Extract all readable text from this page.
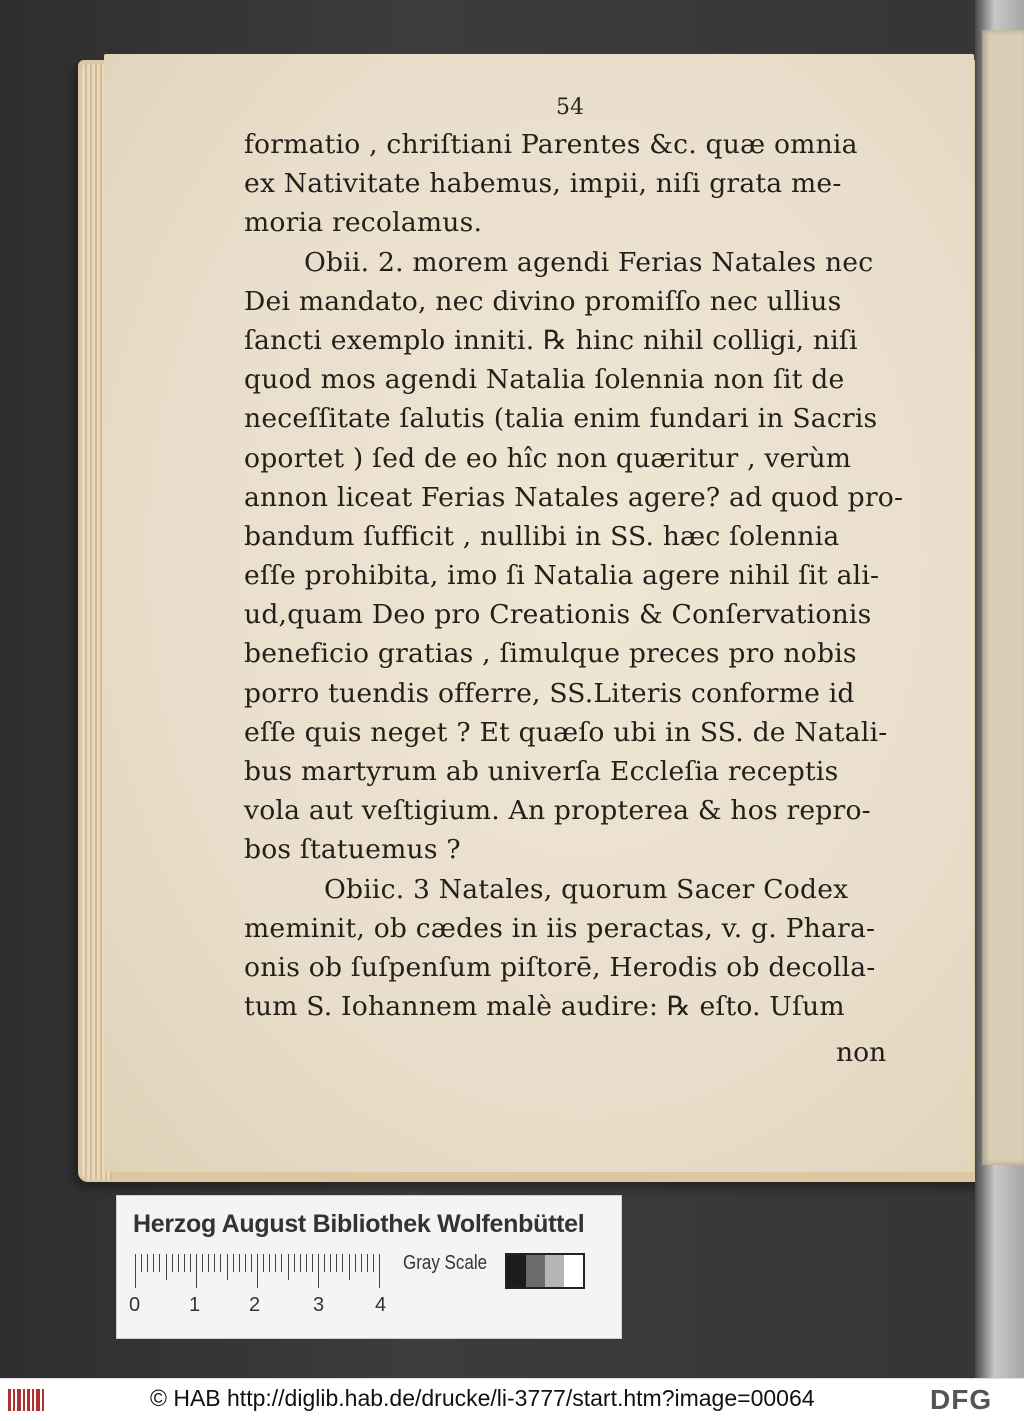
54
formatio , chriſtiani Parentes &c. quæ omnia
ex Nativitate habemus, impii, niſi grata me-
moria recolamus.
Obii. 2. morem agendi Ferias Natales nec
Dei mandato, nec divino promiſſo nec ullius
ſancti exemplo inniti. ℞ hinc nihil colligi, niſi
quod mos agendi Natalia ſolennia non ſit de
neceſſitate ſalutis (talia enim fundari in Sacris
oportet ) ſed de eo hîc non quæritur , verùm
annon liceat Ferias Natales agere? ad quod pro-
bandum ſufficit , nullibi in SS. hæc ſolennia
eſſe prohibita, imo ſi Natalia agere nihil ſit ali-
ud,quam Deo pro Creationis & Conſervationis
beneficio gratias , ſimulque preces pro nobis
porro tuendis offerre, SS.Literis conforme id
eſſe quis neget ? Et quæſo ubi in SS. de Natali-
bus martyrum ab univerſa Eccleſia receptis
vola aut veſtigium. An propterea & hos repro-
bos ſtatuemus ?
Obiic. 3 Natales, quorum Sacer Codex
meminit, ob cædes in iis peractas, v. g. Phara-
onis ob ſuſpenſum piſtorē, Herodis ob decolla-
tum S. Iohannem malè audire: ℞ eſto. Uſum
non
Herzog August Bibliothek Wolfenbüttel
0 1 2	3	4
Gray Scale
© HAB http://diglib.hab.de/drucke/li-3777/start.htm?image=00064	DFG
